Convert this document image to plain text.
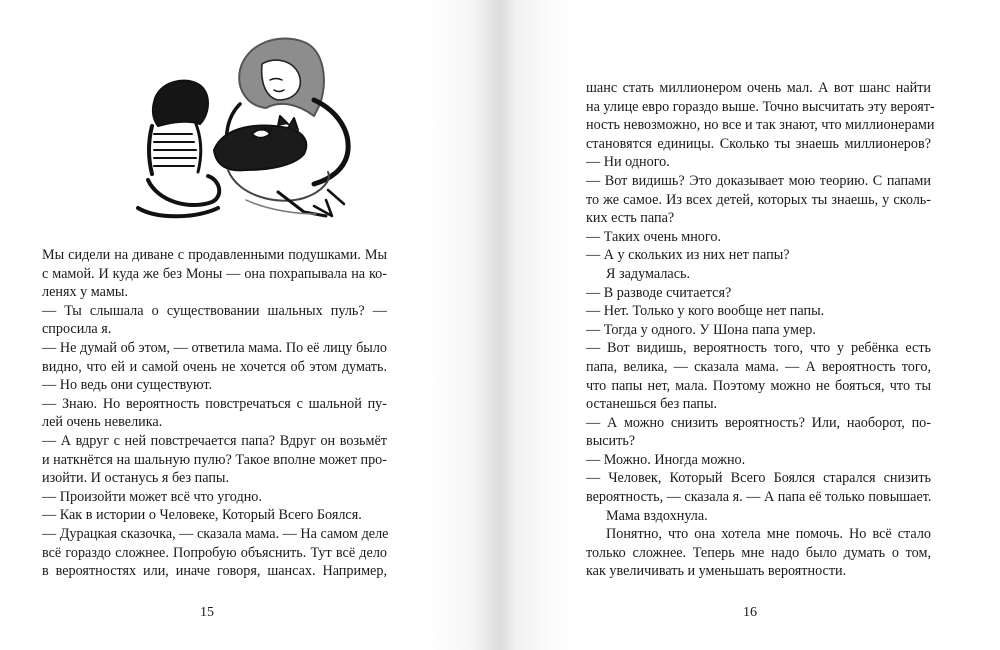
Мы сидели на диване с продавленными подушками. Мы
с мамой. И куда же без Моны — она похрапывала на ко-
ленях у мамы.
— Ты слышала о существовании шальных пуль? —
спросила я.
— Не думай об этом, — ответила мама. По её лицу было
видно, что ей и самой очень не хочется об этом думать.
— Но ведь они существуют.
— Знаю. Но вероятность повстречаться с шальной пу-
лей очень невелика.
— А вдруг с ней повстречается папа? Вдруг он возьмёт
и наткнётся на шальную пулю? Такое вполне может про-
изойти. И останусь я без папы.
— Произойти может всё что угодно.
— Как в истории о Человеке, Который Всего Боялся.
— Дурацкая сказочка, — сказала мама. — На самом деле
всё гораздо сложнее. Попробую объяснить. Тут всё дело
в вероятностях или, иначе говоря, шансах. Например,
15
шанс стать миллионером очень мал. А вот шанс найти
на улице евро гораздо выше. Точно высчитать эту вероят-
ность невозможно, но все и так знают, что миллионерами
становятся единицы. Сколько ты знаешь миллионеров?
— Ни одного.
— Вот видишь? Это доказывает мою теорию. С папами
то же самое. Из всех детей, которых ты знаешь, у сколь-
ких есть папа?
— Таких очень много.
— А у скольких из них нет папы?
Я задумалась.
— В разводе считается?
— Нет. Только у кого вообще нет папы.
— Тогда у одного. У Шона папа умер.
— Вот видишь, вероятность того, что у ребёнка есть
папа, велика, — сказала мама. — А вероятность того,
что папы нет, мала. Поэтому можно не бояться, что ты
останешься без папы.
— А можно снизить вероятность? Или, наоборот, по-
высить?
— Можно. Иногда можно.
— Человек, Который Всего Боялся старался снизить
вероятность, — сказала я. — А папа её только повышает.
Мама вздохнула.
Понятно, что она хотела мне помочь. Но всё стало
только сложнее. Теперь мне надо было думать о том,
как увеличивать и уменьшать вероятности.
16
